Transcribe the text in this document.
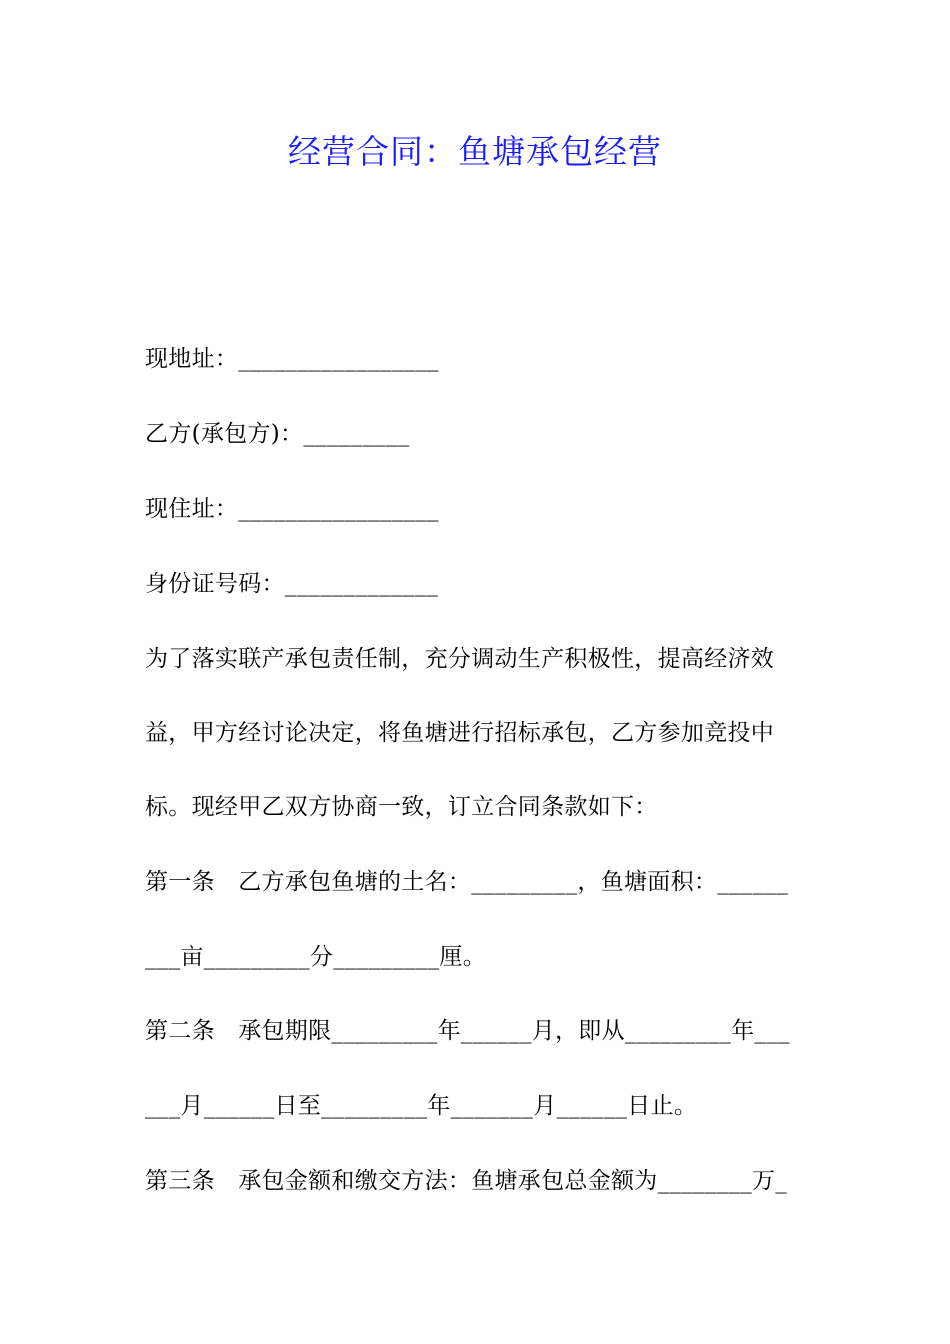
经营合同：鱼塘承包经营
现地址：_________________
乙方(承包方)：_________
现住址：_________________
身份证号码：_____________
为了落实联产承包责任制，充分调动生产积极性，提高经济效
益，甲方经讨论决定，将鱼塘进行招标承包，乙方参加竞投中
标。现经甲乙双方协商一致，订立合同条款如下：
第一条　乙方承包鱼塘的土名：_________，鱼塘面积：______
___亩_________分_________厘。
第二条　承包期限_________年______月，即从_________年___
___月______日至_________年_______月______日止。
第三条　承包金额和缴交方法：鱼塘承包总金额为________万_
